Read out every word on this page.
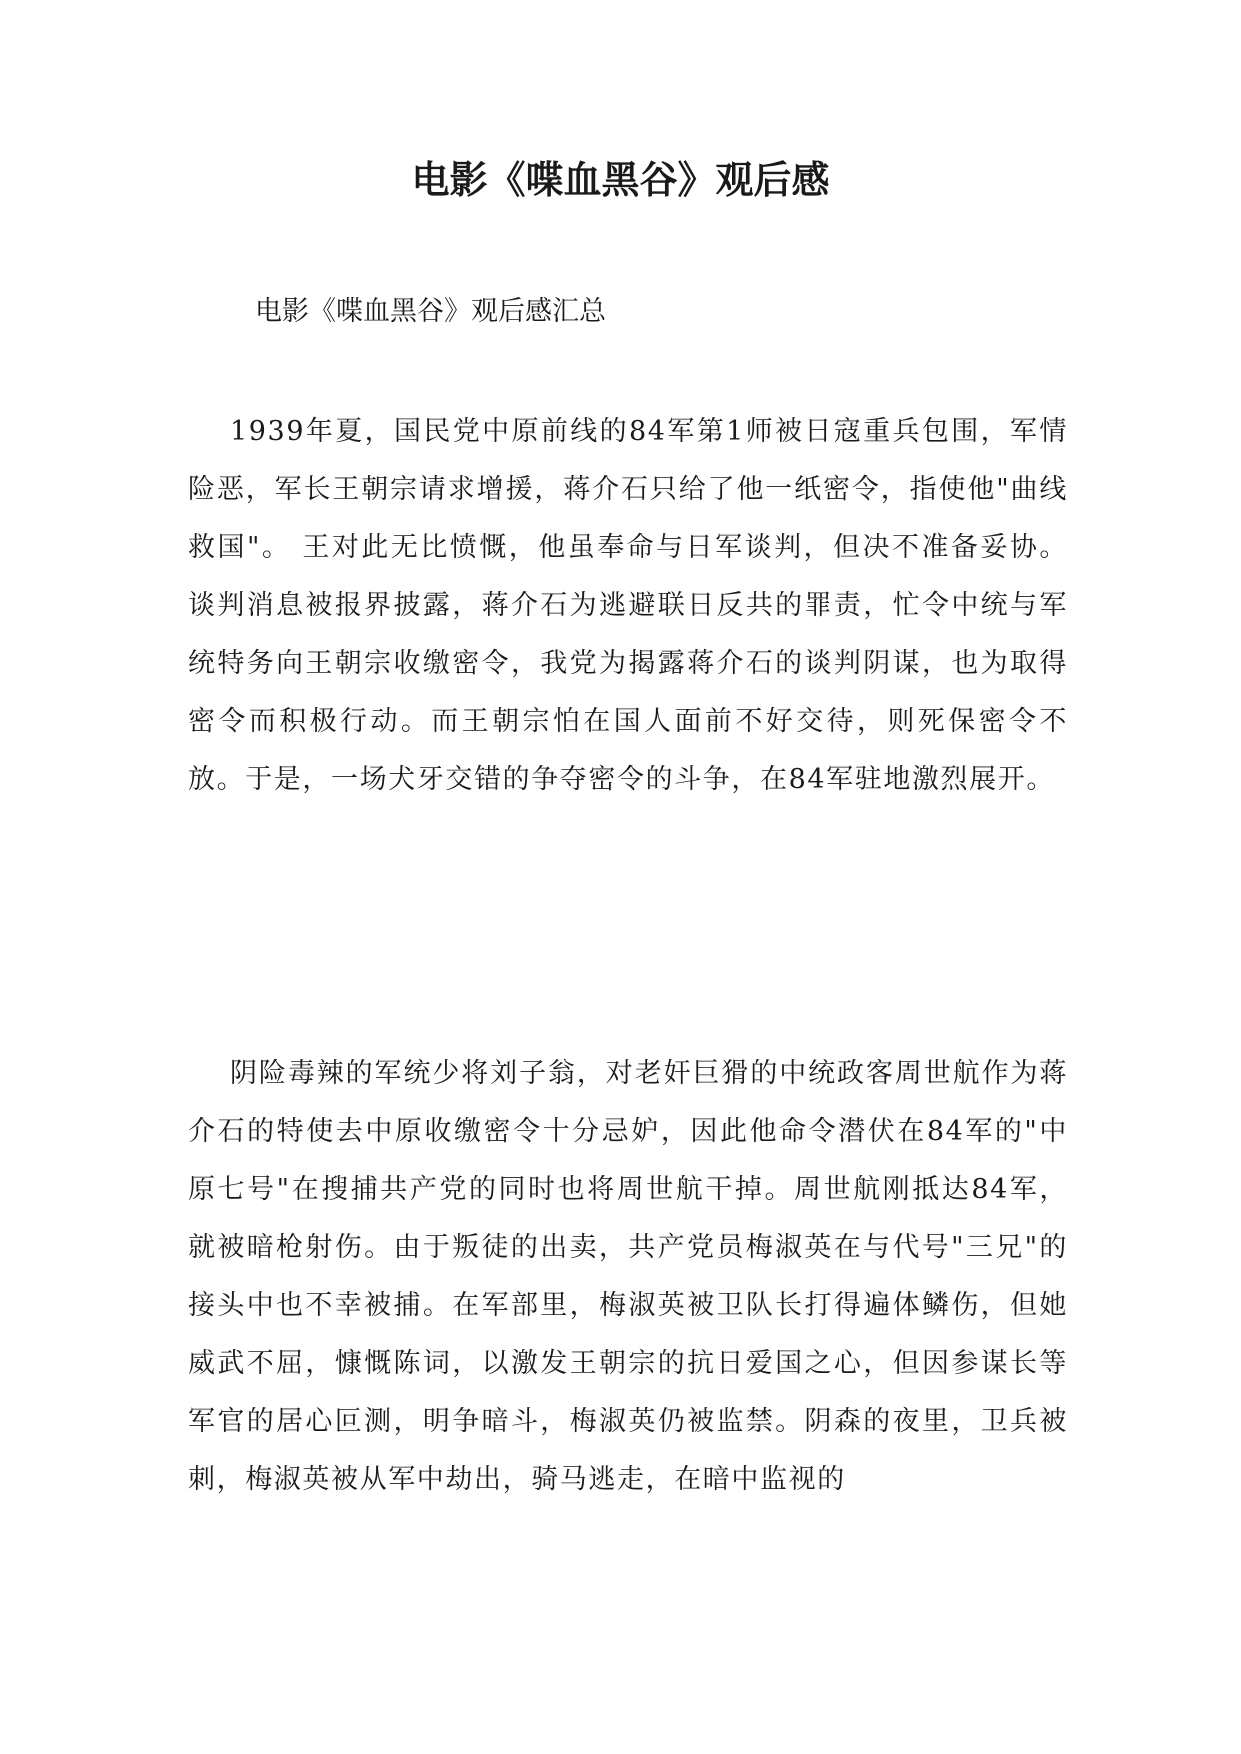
电影《喋血黑谷》观后感

电影《喋血黑谷》观后感汇总

1939年夏，国民党中原前线的84军第1师被日寇重兵包围，军情险恶，军长王朝宗请求增援，蒋介石只给了他一纸密令，指使他"曲线救国"。 王对此无比愤慨，他虽奉命与日军谈判，但决不准备妥协。 谈判消息被报界披露，蒋介石为逃避联日反共的罪责，忙令中统与军统特务向王朝宗收缴密令，我党为揭露蒋介石的谈判阴谋，也为取得密令而积极行动。而王朝宗怕在国人面前不好交待，则死保密令不放。于是，一场犬牙交错的争夺密令的斗争，在84军驻地激烈展开。

阴险毒辣的军统少将刘子翁，对老奸巨猾的中统政客周世航作为蒋介石的特使去中原收缴密令十分忌妒，因此他命令潜伏在84军的"中原七号"在搜捕共产党的同时也将周世航干掉。周世航刚抵达84军，就被暗枪射伤。由于叛徒的出卖，共产党员梅淑英在与代号"三兄"的接头中也不幸被捕。在军部里，梅淑英被卫队长打得遍体鳞伤，但她威武不屈，慷慨陈词，以激发王朝宗的抗日爱国之心，但因参谋长等军官的居心叵测，明争暗斗，梅淑英仍被监禁。阴森的夜里，卫兵被刺，梅淑英被从军中劫出，骑马逃走，在暗中监视的
